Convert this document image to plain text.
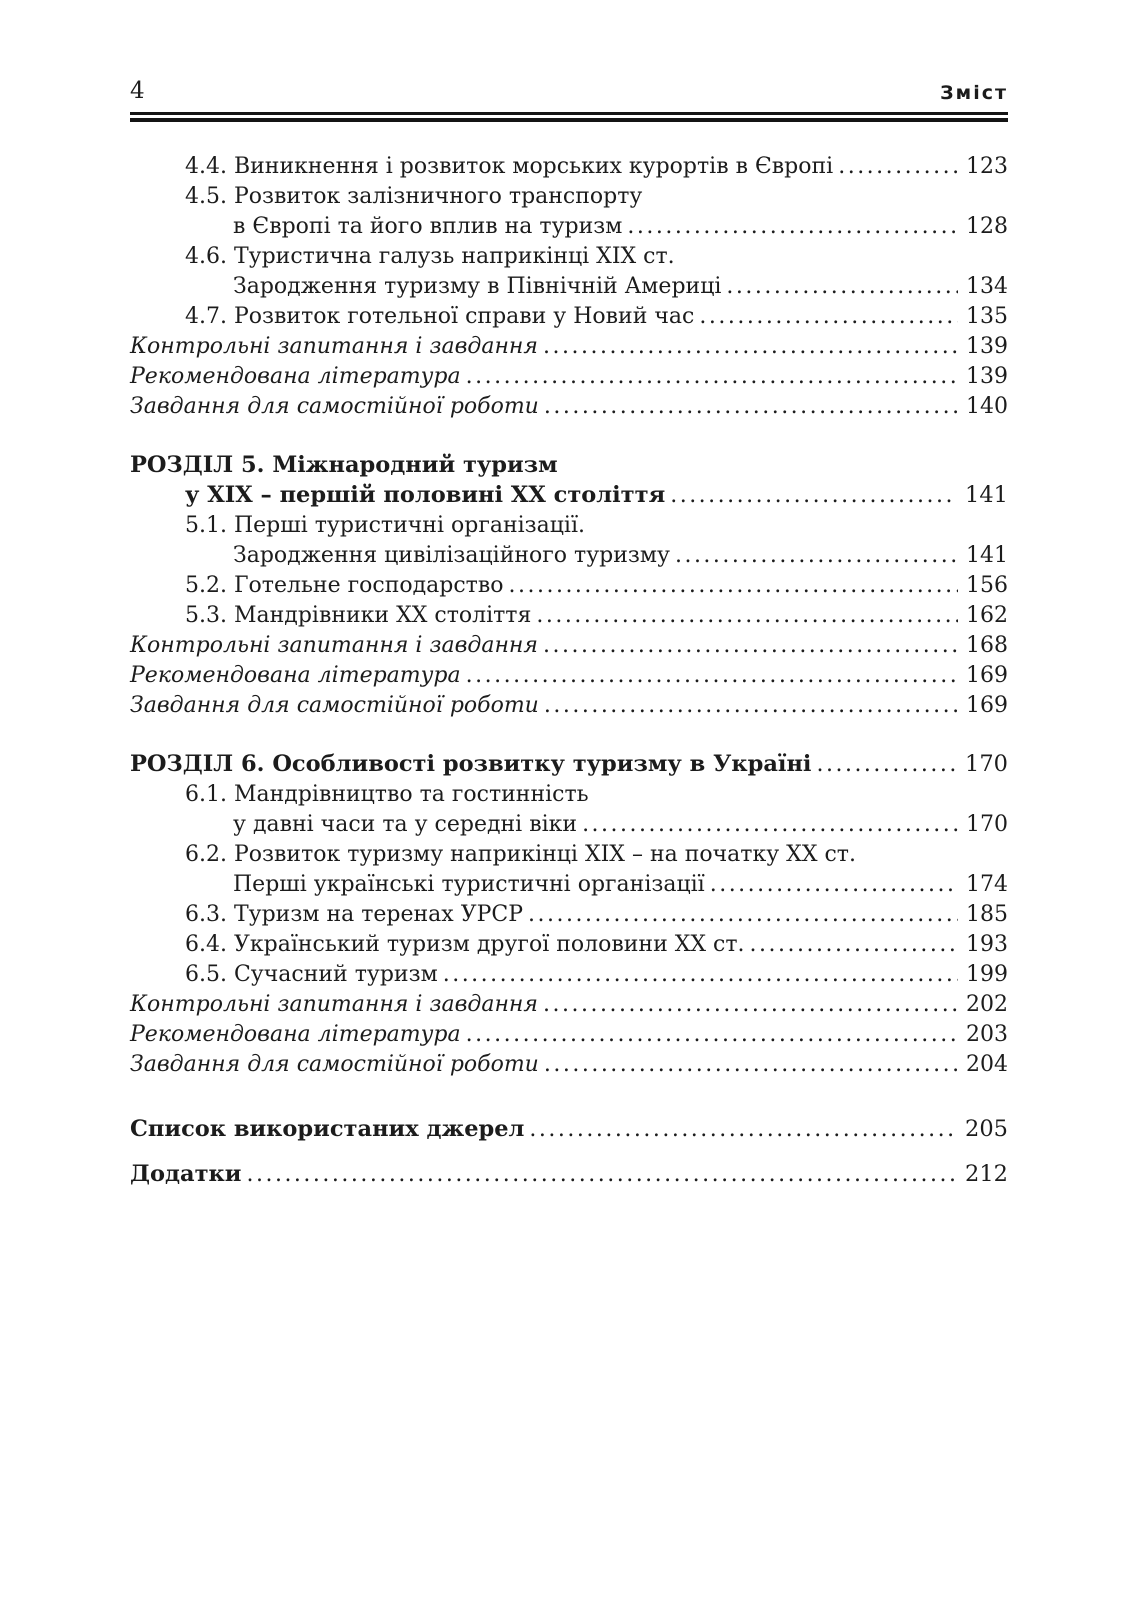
4	Зміст
4.4. Виникнення і розвиток морських курортів в Європі .....	123
4.5. Розвиток залізничного транспорту
в Європі та його вплив на туризм .....	128
4.6. Туристична галузь наприкінці XIX ст.
Зародження туризму в Північній Америці .....	134
4.7. Розвиток готельної справи у Новий час .....	135
Контрольні запитання і завдання .....	139
Рекомендована література .....	139
Завдання для самостійної роботи .....	140
РОЗДІЛ 5. Міжнародний туризм
у XIX – першій половині XX століття .....	141
5.1. Перші туристичні організації.
Зародження цивілізаційного туризму .....	141
5.2. Готельне господарство .....	156
5.3. Мандрівники XX століття .....	162
Контрольні запитання і завдання .....	168
Рекомендована література .....	169
Завдання для самостійної роботи .....	169
РОЗДІЛ 6. Особливості розвитку туризму в Україні .....	170
6.1. Мандрівництво та гостинність
у давні часи та у середні віки .....	170
6.2. Розвиток туризму наприкінці XIX – на початку XX ст.
Перші українські туристичні організації .....	174
6.3. Туризм на теренах УРСР .....	185
6.4. Український туризм другої половини XX ст. .....	193
6.5. Сучасний туризм .....	199
Контрольні запитання і завдання .....	202
Рекомендована література .....	203
Завдання для самостійної роботи .....	204
Список використаних джерел .....	205
Додатки .....	212
